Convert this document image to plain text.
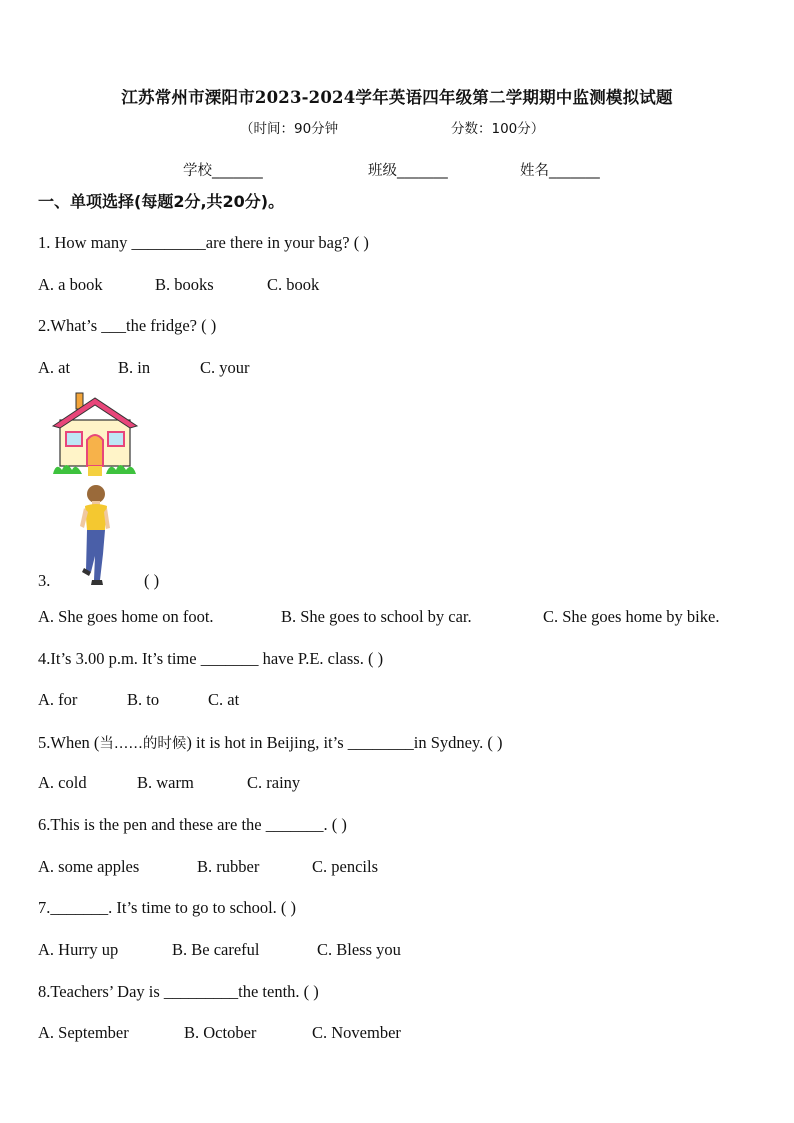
江苏常州市溧阳市2023-2024学年英语四年级第二学期期中监测模拟试题
（时间：90分钟	分数：100分）
学校_______	班级_______	姓名_______
一、单项选择(每题2分,共20分)。
1. How many _________are there in your bag? ( )
A. a book	B. books	C. book
2.What’s ___the fridge? ( )
A. at	B. in	C. your
3.	( )
A. She goes home on foot.	B. She goes to school by car.	C. She goes home by bike.
4.It’s 3.00 p.m. It’s time _______ have P.E. class. ( )
A. for	B. to	C. at
5.When (当……的时候) it is hot in Beijing, it’s ________in Sydney. ( )
A. cold	B. warm	C. rainy
6.This is the pen and these are the _______. ( )
A. some apples	B. rubber	C. pencils
7._______. It’s time to go to school. ( )
A. Hurry up	B. Be careful	C. Bless you
8.Teachers’ Day is _________the tenth. ( )
A. September	B. October	C. November
